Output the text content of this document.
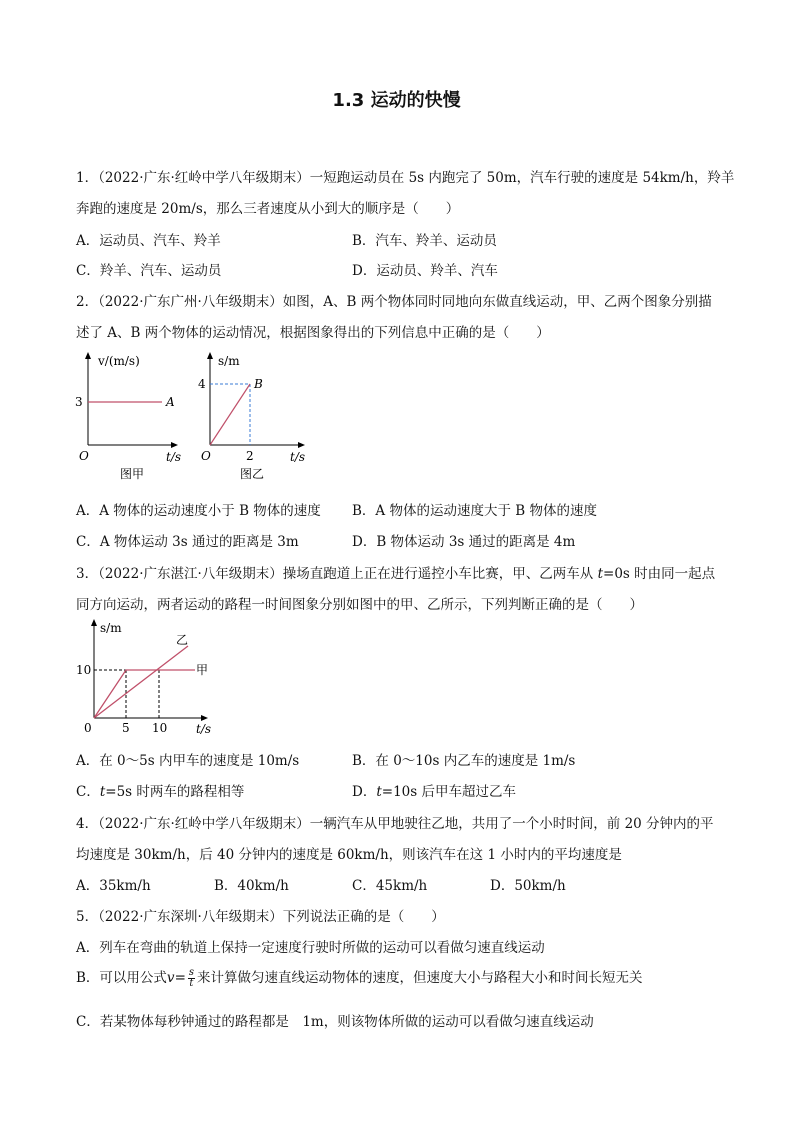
1.3 运动的快慢
1．（2022·广东·红岭中学八年级期末）一短跑运动员在 5s 内跑完了 50m，汽车行驶的速度是 54km/h，羚羊
奔跑的速度是 20m/s，那么三者速度从小到大的顺序是（　　）
A．运动员、汽车、羚羊	B．汽车、羚羊、运动员
C．羚羊、汽车、运动员	D．运动员、羚羊、汽车
2．（2022·广东广州·八年级期末）如图，A、B 两个物体同时同地向东做直线运动，甲、乙两个图象分别描
述了 A、B 两个物体的运动情况，根据图象得出的下列信息中正确的是（　　）
v/(m/s)
3	A
O	t/s
图甲
s/m
4	B
O	2	t/s
图乙
A．A 物体的运动速度小于 B 物体的速度 B．A 物体的运动速度大于 B 物体的速度
C．A 物体运动 3s 通过的距离是 3m	D．B 物体运动 3s 通过的距离是 4m
3．（2022·广东湛江·八年级期末）操场直跑道上正在进行遥控小车比赛，甲、乙两车从 t=0s 时由同一起点
同方向运动，两者运动的路程一时间图象分别如图中的甲、乙所示，下列判断正确的是（　　）
s/m
10
0	5 10 t/s
甲
乙
A．在 0～5s 内甲车的速度是 10m/s	B．在 0～10s 内乙车的速度是 1m/s
C．t=5s 时两车的路程相等	D．t=10s 后甲车超过乙车
4．（2022·广东·红岭中学八年级期末）一辆汽车从甲地驶往乙地，共用了一个小时时间，前 20 分钟内的平
均速度是 30km/h，后 40 分钟内的速度是 60km/h，则该汽车在这 1 小时内的平均速度是
A．35km/h	B．40km/h	C．45km/h	D．50km/h
5．（2022·广东深圳·八年级期末）下列说法正确的是（　　）
A．列车在弯曲的轨道上保持一定速度行驶时所做的运动可以看做匀速直线运动
B．可以用公式$v= \frac{s}{t}$ 来计算做匀速直线运动物体的速度，但速度大小与路程大小和时间长短无关
C．若某物体每秒钟通过的路程都是　1m，则该物体所做的运动可以看做匀速直线运动
